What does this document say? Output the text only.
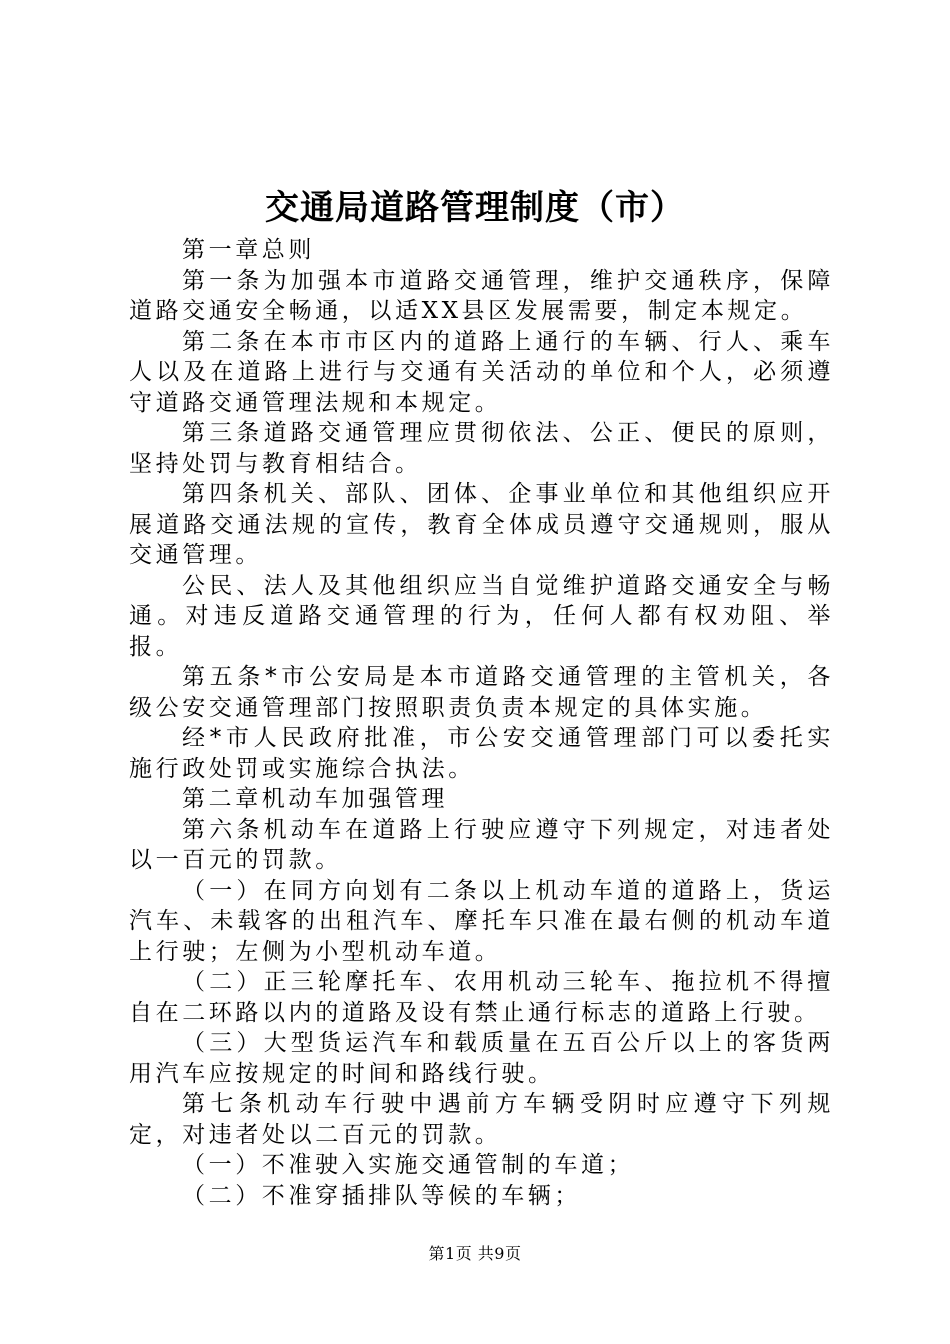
交通局道路管理制度（市）

第一章总则

第一条为加强本市道路交通管理，维护交通秩序，保障道路交通安全畅通，以适XX县区发展需要，制定本规定。

第二条在本市市区内的道路上通行的车辆、行人、乘车人以及在道路上进行与交通有关活动的单位和个人，必须遵守道路交通管理法规和本规定。

第三条道路交通管理应贯彻依法、公正、便民的原则，坚持处罚与教育相结合。

第四条机关、部队、团体、企事业单位和其他组织应开展道路交通法规的宣传，教育全体成员遵守交通规则，服从交通管理。

公民、法人及其他组织应当自觉维护道路交通安全与畅通。对违反道路交通管理的行为，任何人都有权劝阻、举报。

第五条*市公安局是本市道路交通管理的主管机关，各级公安交通管理部门按照职责负责本规定的具体实施。

经*市人民政府批准，市公安交通管理部门可以委托实施行政处罚或实施综合执法。

第二章机动车加强管理

第六条机动车在道路上行驶应遵守下列规定，对违者处以一百元的罚款。

（一）在同方向划有二条以上机动车道的道路上，货运汽车、未载客的出租汽车、摩托车只准在最右侧的机动车道上行驶；左侧为小型机动车道。

（二）正三轮摩托车、农用机动三轮车、拖拉机不得擅自在二环路以内的道路及设有禁止通行标志的道路上行驶。

（三）大型货运汽车和载质量在五百公斤以上的客货两用汽车应按规定的时间和路线行驶。

第七条机动车行驶中遇前方车辆受阴时应遵守下列规定，对违者处以二百元的罚款。

（一）不准驶入实施交通管制的车道；

（二）不准穿插排队等候的车辆；

第1页 共9页
